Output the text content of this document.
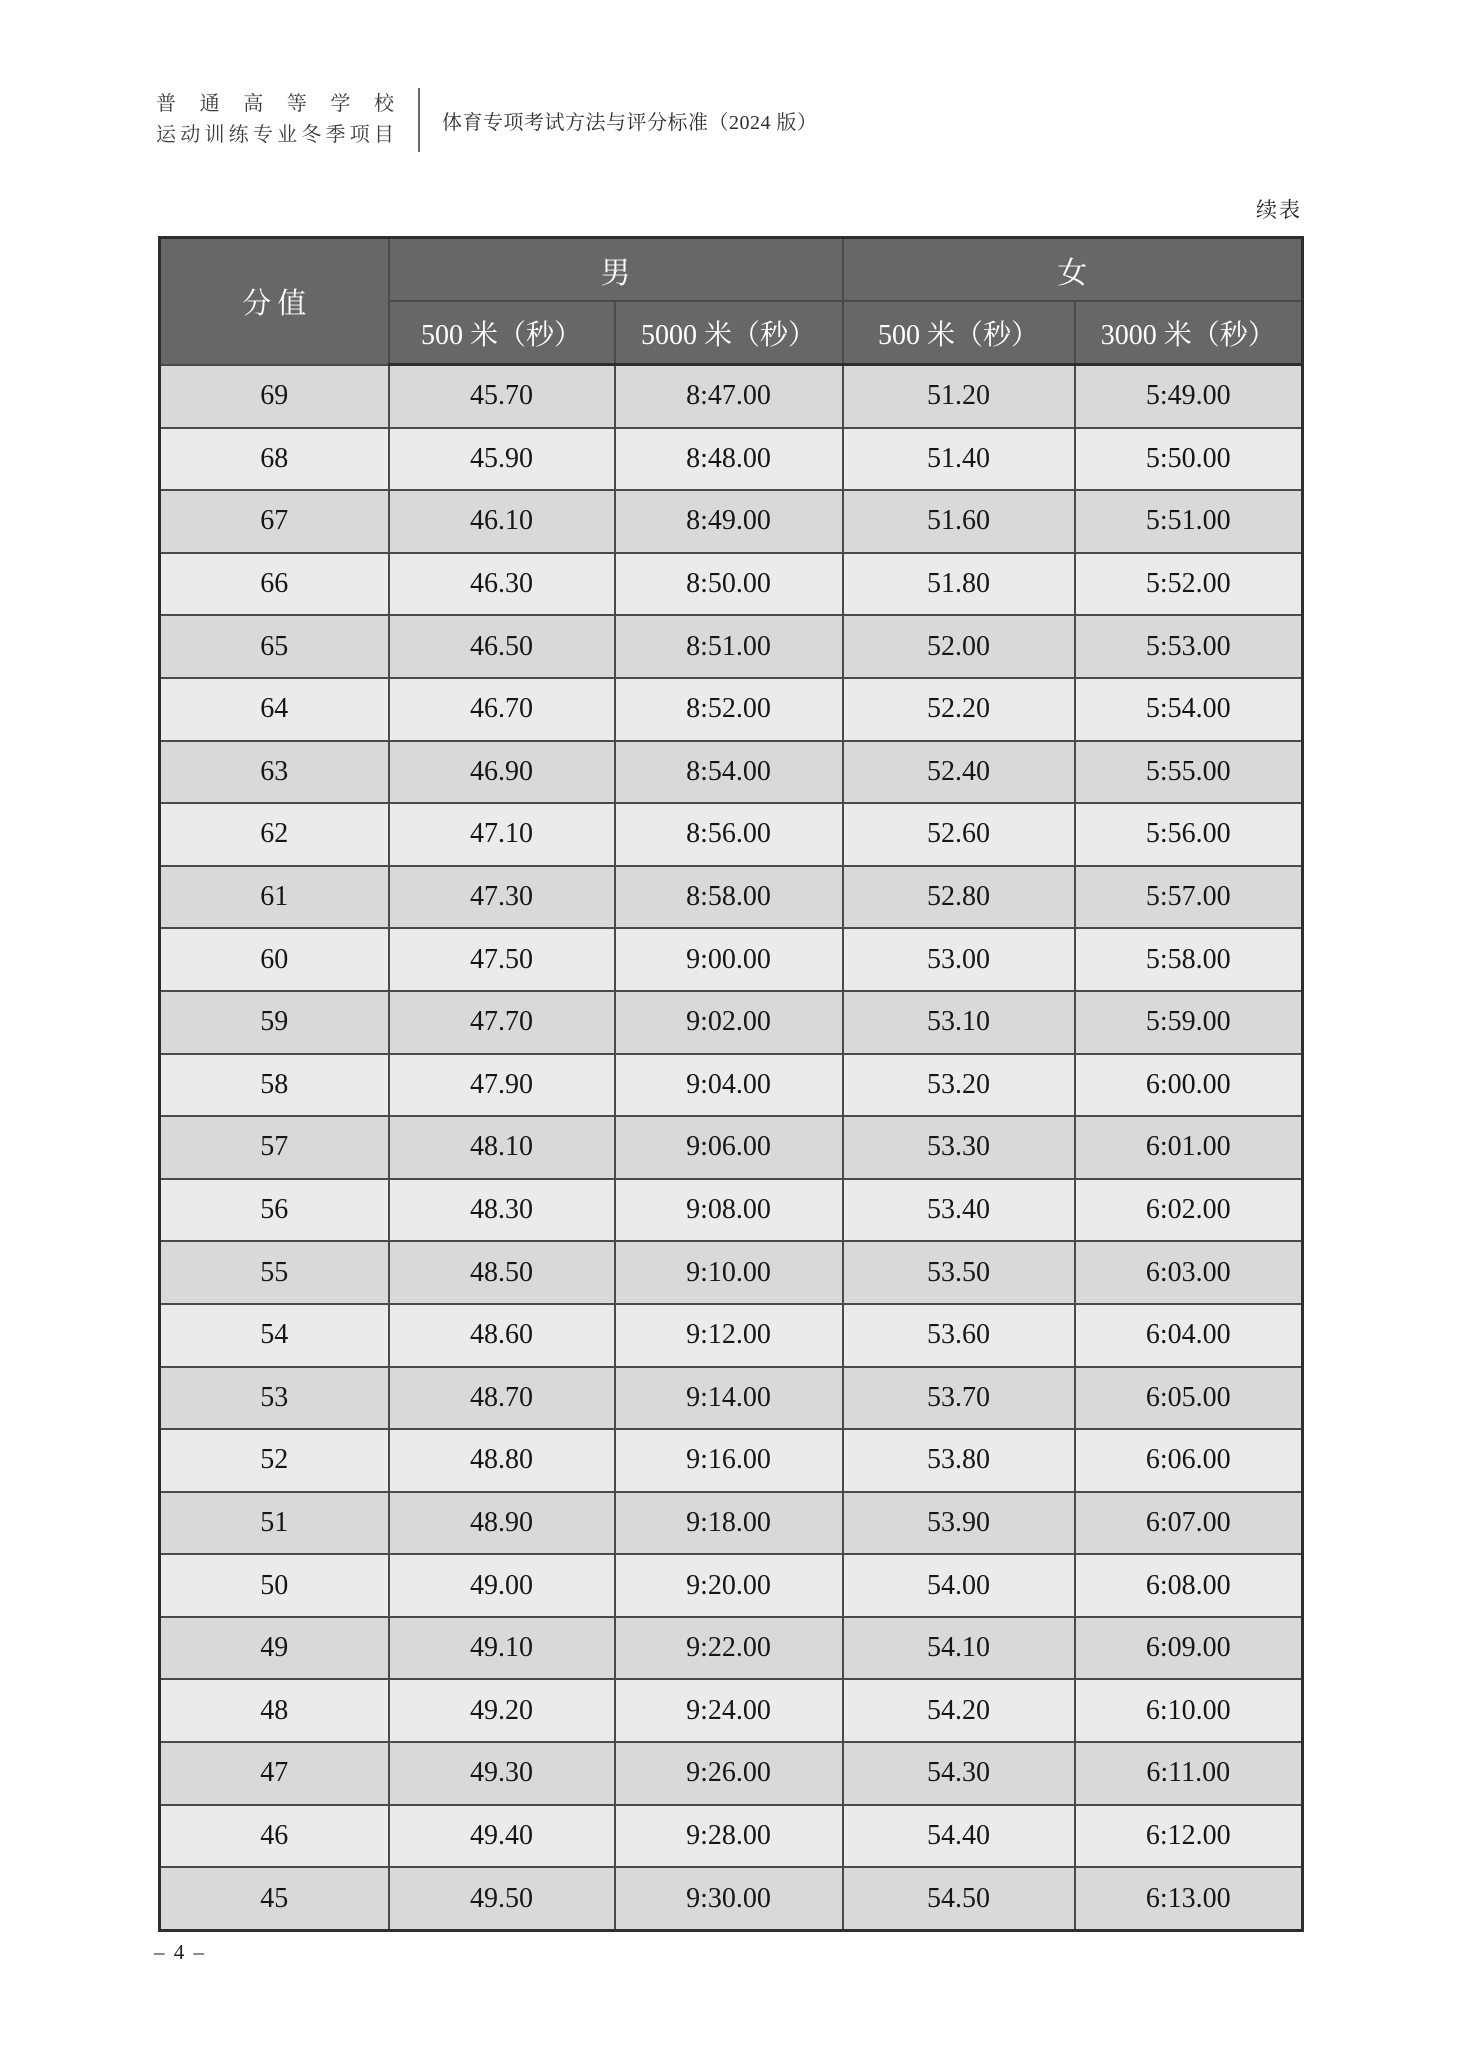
普通高等学校
运动训练专业冬季项目
体育专项考试方法与评分标准（2024 版）
续表
分值	男		女	
	500 米（秒）	5000 米（秒）	500 米（秒）	3000 米（秒）
69	45.70	8:47.00	51.20	5:49.00
68	45.90	8:48.00	51.40	5:50.00
67	46.10	8:49.00	51.60	5:51.00
66	46.30	8:50.00	51.80	5:52.00
65	46.50	8:51.00	52.00	5:53.00
64	46.70	8:52.00	52.20	5:54.00
63	46.90	8:54.00	52.40	5:55.00
62	47.10	8:56.00	52.60	5:56.00
61	47.30	8:58.00	52.80	5:57.00
60	47.50	9:00.00	53.00	5:58.00
59	47.70	9:02.00	53.10	5:59.00
58	47.90	9:04.00	53.20	6:00.00
57	48.10	9:06.00	53.30	6:01.00
56	48.30	9:08.00	53.40	6:02.00
55	48.50	9:10.00	53.50	6:03.00
54	48.60	9:12.00	53.60	6:04.00
53	48.70	9:14.00	53.70	6:05.00
52	48.80	9:16.00	53.80	6:06.00
51	48.90	9:18.00	53.90	6:07.00
50	49.00	9:20.00	54.00	6:08.00
49	49.10	9:22.00	54.10	6:09.00
48	49.20	9:24.00	54.20	6:10.00
47	49.30	9:26.00	54.30	6:11.00
46	49.40	9:28.00	54.40	6:12.00
45	49.50	9:30.00	54.50	6:13.00
– 4 –
